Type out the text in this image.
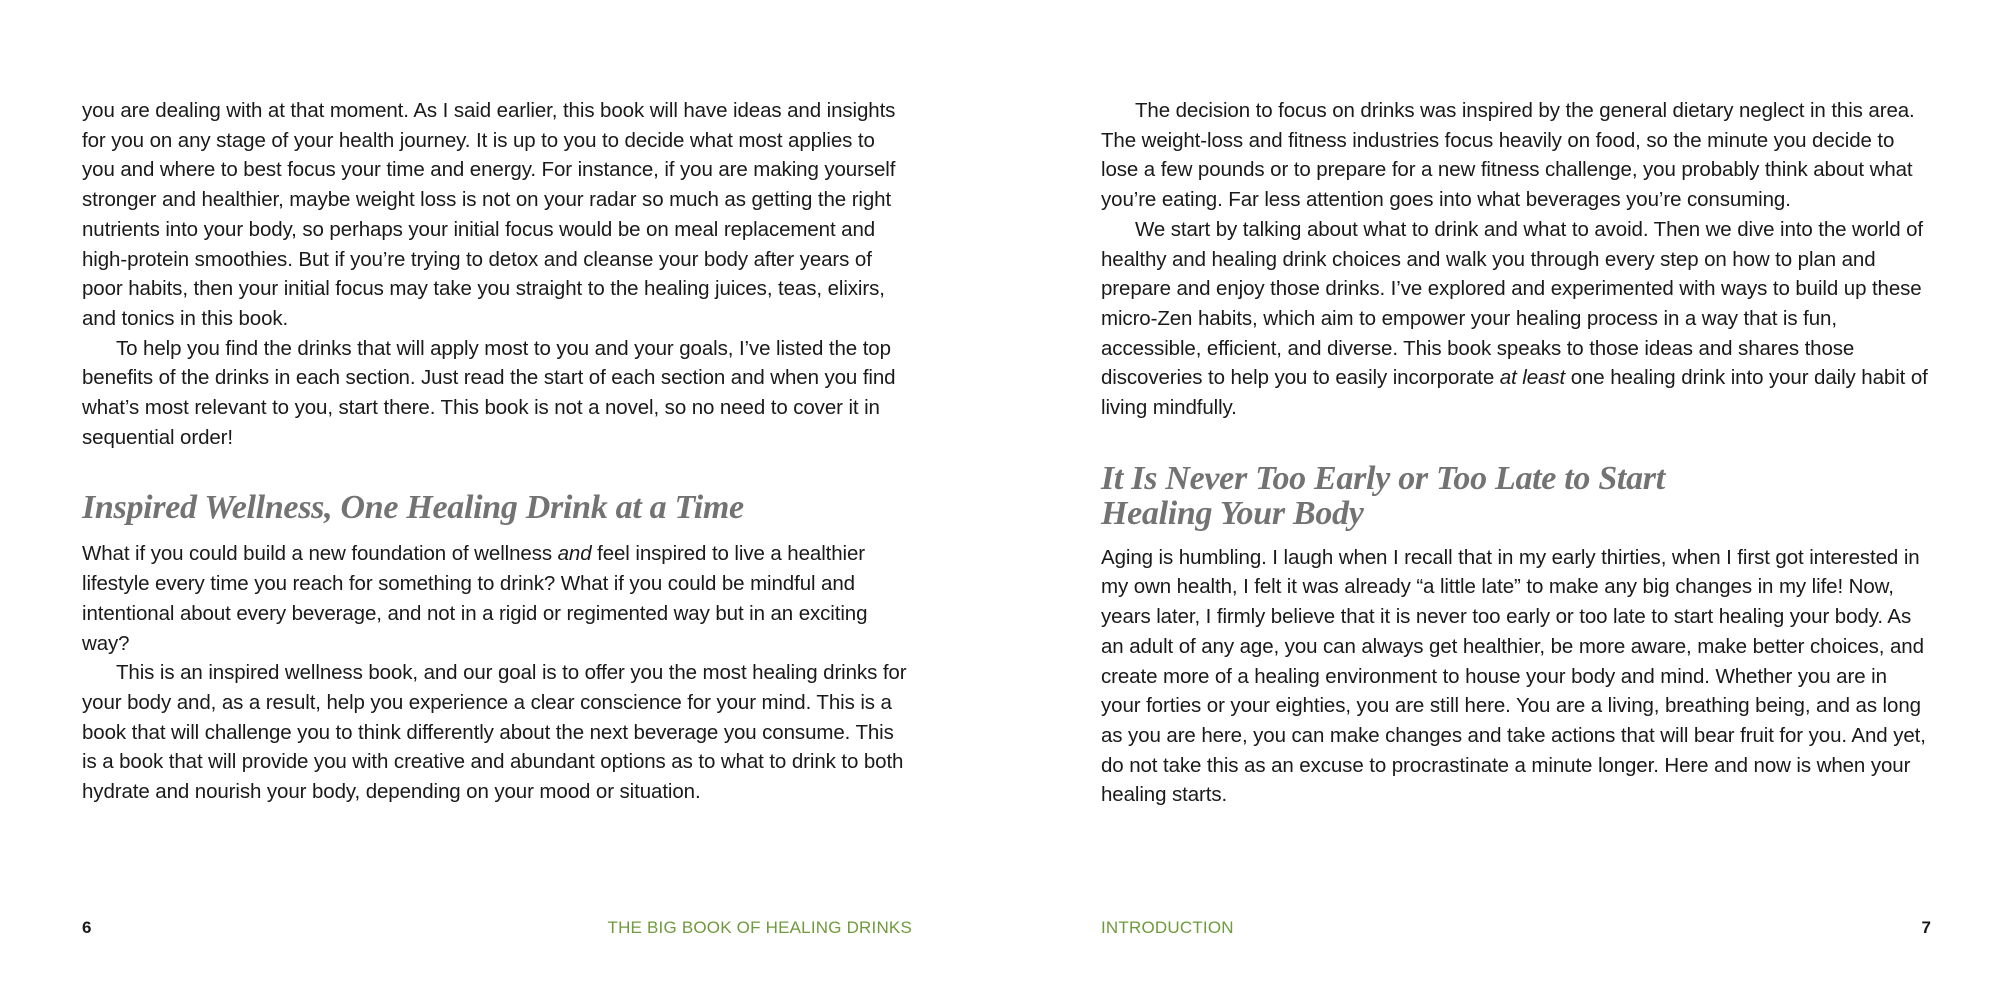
you are dealing with at that moment. As I said earlier, this book will have ideas and insights for you on any stage of your health journey. It is up to you to decide what most applies to you and where to best focus your time and energy. For instance, if you are making yourself stronger and healthier, maybe weight loss is not on your radar so much as getting the right nutrients into your body, so perhaps your initial focus would be on meal replacement and high-protein smoothies. But if you’re trying to detox and cleanse your body after years of poor habits, then your initial focus may take you straight to the healing juices, teas, elixirs, and tonics in this book.

To help you find the drinks that will apply most to you and your goals, I’ve listed the top benefits of the drinks in each section. Just read the start of each section and when you find what’s most relevant to you, start there. This book is not a novel, so no need to cover it in sequential order!

Inspired Wellness, One Healing Drink at a Time

What if you could build a new foundation of wellness and feel inspired to live a healthier lifestyle every time you reach for something to drink? What if you could be mindful and intentional about every beverage, and not in a rigid or regimented way but in an exciting way?

This is an inspired wellness book, and our goal is to offer you the most healing drinks for your body and, as a result, help you experience a clear conscience for your mind. This is a book that will challenge you to think differently about the next beverage you consume. This is a book that will provide you with creative and abundant options as to what to drink to both hydrate and nourish your body, depending on your mood or situation.

6	THE BIG BOOK OF HEALING DRINKS

The decision to focus on drinks was inspired by the general dietary neglect in this area. The weight-loss and fitness industries focus heavily on food, so the minute you decide to lose a few pounds or to prepare for a new fitness challenge, you probably think about what you’re eating. Far less attention goes into what beverages you’re consuming.

We start by talking about what to drink and what to avoid. Then we dive into the world of healthy and healing drink choices and walk you through every step on how to plan and prepare and enjoy those drinks. I’ve explored and experimented with ways to build up these micro-Zen habits, which aim to empower your healing process in a way that is fun, accessible, efficient, and diverse. This book speaks to those ideas and shares those discoveries to help you to easily incorporate at least one healing drink into your daily habit of living mindfully.

It Is Never Too Early or Too Late to Start
Healing Your Body

Aging is humbling. I laugh when I recall that in my early thirties, when I first got interested in my own health, I felt it was already “a little late” to make any big changes in my life! Now, years later, I firmly believe that it is never too early or too late to start healing your body. As an adult of any age, you can always get healthier, be more aware, make better choices, and create more of a healing environment to house your body and mind. Whether you are in your forties or your eighties, you are still here. You are a living, breathing being, and as long as you are here, you can make changes and take actions that will bear fruit for you. And yet, do not take this as an excuse to procrastinate a minute longer. Here and now is when your healing starts.

INTRODUCTION	7
